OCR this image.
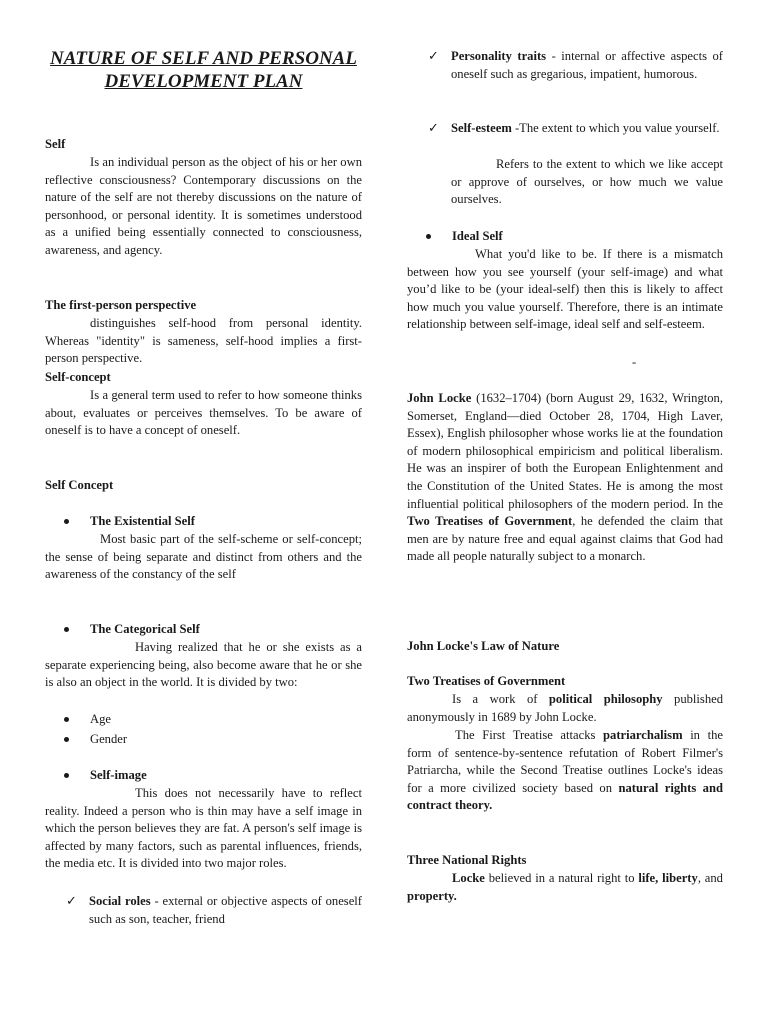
NATURE OF SELF AND PERSONAL DEVELOPMENT PLAN
Self
Is an individual person as the object of his or her own reflective consciousness? Contemporary discussions on the nature of the self are not thereby discussions on the nature of personhood, or personal identity. It is sometimes understood as a unified being essentially connected to consciousness, awareness, and agency.
The first-person perspective
distinguishes self-hood from personal identity. Whereas "identity" is sameness, self-hood implies a first-person perspective.
Self-concept
Is a general term used to refer to how someone thinks about, evaluates or perceives themselves. To be aware of oneself is to have a concept of oneself.
Self Concept
The Existential Self
Most basic part of the self-scheme or self-concept; the sense of being separate and distinct from others and the awareness of the constancy of the self
The Categorical Self
Having realized that he or she exists as a separate experiencing being, also become aware that he or she is also an object in the world. It is divided by two:
Age
Gender
Self-image
This does not necessarily have to reflect reality. Indeed a person who is thin may have a self image in which the person believes they are fat. A person's self image is affected by many factors, such as parental influences, friends, the media etc. It is divided into two major roles.
✓ Social roles - external or objective aspects of oneself such as son, teacher, friend
✓ Personality traits - internal or affective aspects of oneself such as gregarious, impatient, humorous.
✓ Self-esteem -The extent to which you value yourself.
Refers to the extent to which we like accept or approve of ourselves, or how much we value ourselves.
Ideal Self
What you'd like to be. If there is a mismatch between how you see yourself (your self-image) and what you’d like to be (your ideal-self) then this is likely to affect how much you value yourself. Therefore, there is an intimate relationship between self-image, ideal self and self-esteem.
-
John Locke (1632–1704) (born August 29, 1632, Wrington, Somerset, England—died October 28, 1704, High Laver, Essex), English philosopher whose works lie at the foundation of modern philosophical empiricism and political liberalism. He was an inspirer of both the European Enlightenment and the Constitution of the United States. He is among the most influential political philosophers of the modern period. In the Two Treatises of Government, he defended the claim that men are by nature free and equal against claims that God had made all people naturally subject to a monarch.
John Locke's Law of Nature
Two Treatises of Government
Is a work of political philosophy published anonymously in 1689 by John Locke.
The First Treatise attacks patriarchalism in the form of sentence-by-sentence refutation of Robert Filmer's Patriarcha, while the Second Treatise outlines Locke's ideas for a more civilized society based on natural rights and contract theory.
Three National Rights
Locke believed in a natural right to life, liberty, and property.
